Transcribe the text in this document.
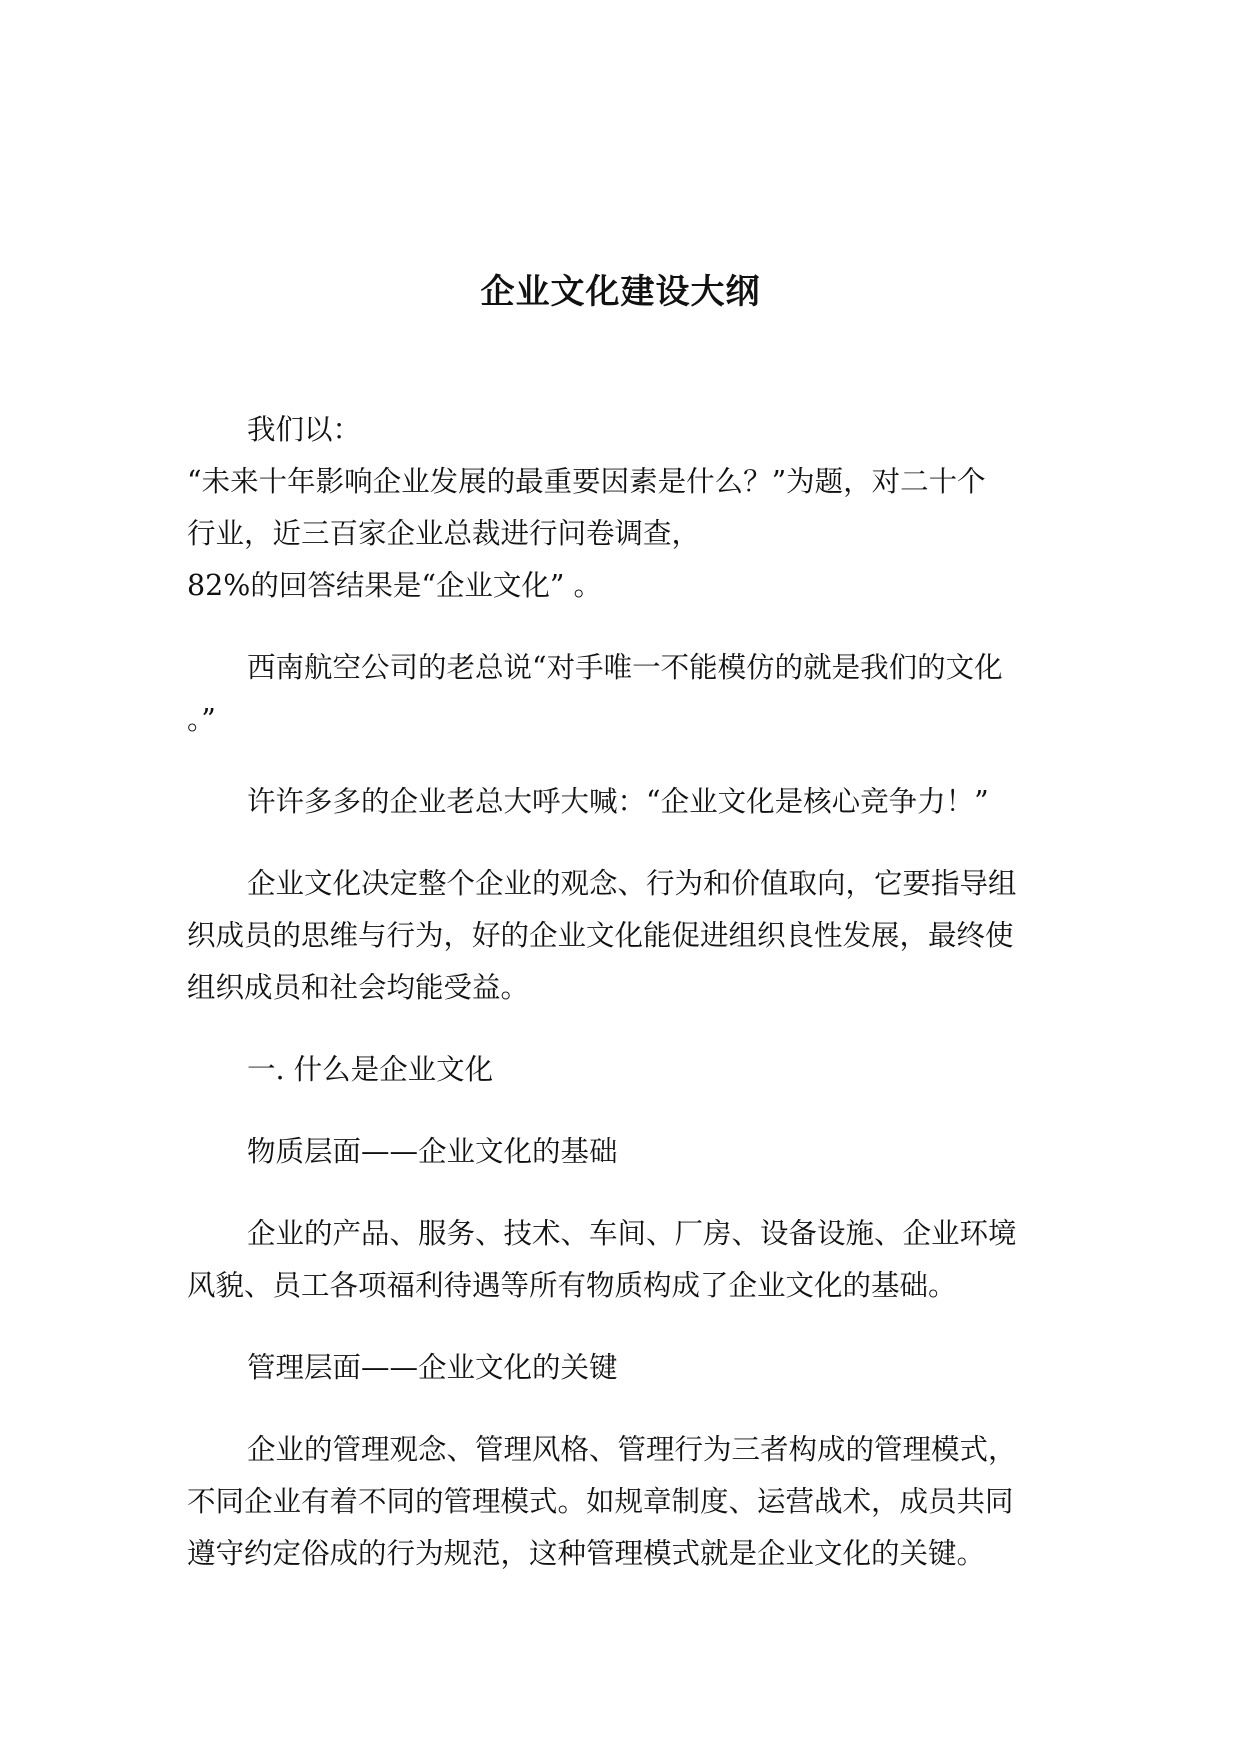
企业文化建设大纲
我们以：
“未来十年影响企业发展的最重要因素是什么？”为题，对二十个
行业，近三百家企业总裁进行问卷调查，
82%的回答结果是“企业文化” 。
西南航空公司的老总说“对手唯一不能模仿的就是我们的文化
。”
许许多多的企业老总大呼大喊：“企业文化是核心竞争力！”
企业文化决定整个企业的观念、行为和价值取向，它要指导组
织成员的思维与行为，好的企业文化能促进组织良性发展，最终使
组织成员和社会均能受益。
一. 什么是企业文化
物质层面——企业文化的基础
企业的产品、服务、技术、车间、厂房、设备设施、企业环境
风貌、员工各项福利待遇等所有物质构成了企业文化的基础。
管理层面——企业文化的关键
企业的管理观念、管理风格、管理行为三者构成的管理模式，
不同企业有着不同的管理模式。如规章制度、运营战术，成员共同
遵守约定俗成的行为规范，这种管理模式就是企业文化的关键。
